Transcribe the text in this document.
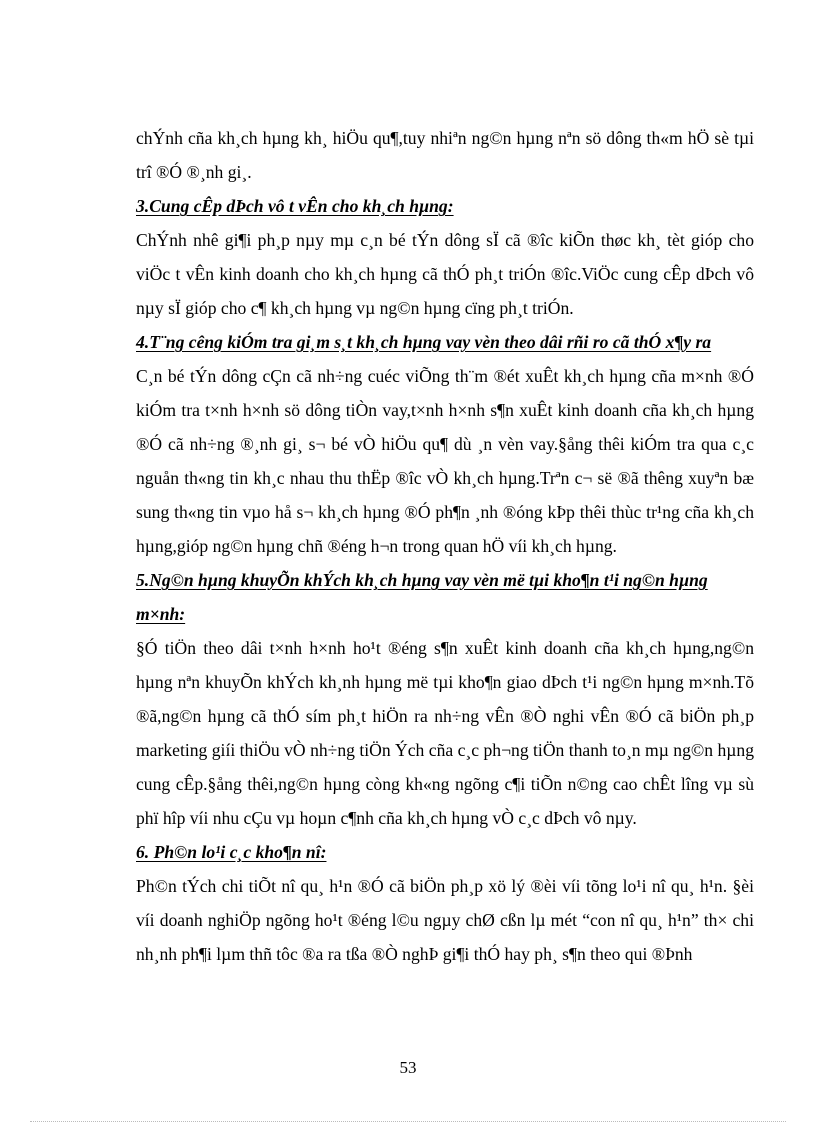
chÝnh cña kh¸ch hµng kh¸ hiÖu qu¶,tuy nhiªn ng©n hµng nªn sö dông th«m hÖ sè tµi trî ®Ó ®¸nh gi¸.

3.Cung cÊp dÞch vô t vÊn cho kh¸ch hµng:

ChÝnh nhê gi¶i ph¸p nµy mµ c¸n bé tÝn dông sÏ cã ®îc kiÕn thøc kh¸ tèt gióp cho viÖc t vÊn kinh doanh cho kh¸ch hµng cã thÓ ph¸t triÓn ®îc.ViÖc cung cÊp dÞch vô nµy sÏ gióp cho c¶ kh¸ch hµng vµ ng©n hµng cïng ph¸t triÓn.

4.T¨ng cêng kiÓm tra gi¸m s¸t kh¸ch hµng vay vèn theo dâi rñi ro cã thÓ x¶y ra

C¸n bé tÝn dông cÇn cã nh÷ng cuéc viÕng th¨m ®ét xuÊt kh¸ch hµng cña m×nh ®Ó kiÓm tra t×nh h×nh sö dông tiÒn vay,t×nh h×nh s¶n xuÊt kinh doanh cña kh¸ch hµng ®Ó cã nh÷ng ®¸nh gi¸ s¬ bé vÒ hiÖu qu¶ dù ¸n vèn vay.§ång thêi kiÓm tra qua c¸c nguån th«ng tin kh¸c nhau thu thËp ®îc vÒ kh¸ch hµng.Trªn c¬ së ®ã thêng xuyªn bæ sung th«ng tin vµo hå s¬ kh¸ch hµng ®Ó ph¶n ¸nh ®óng kÞp thêi thùc tr¹ng cña kh¸ch hµng,gióp ng©n hµng chñ ®éng h¬n trong quan hÖ víi kh¸ch hµng.

5.Ng©n hµng khuyÕn khÝch kh¸ch hµng vay vèn më tµi kho¶n t¹i ng©n hµng m×nh:

§Ó tiÖn theo dâi t×nh h×nh ho¹t ®éng s¶n xuÊt kinh doanh cña kh¸ch hµng,ng©n hµng nªn khuyÕn khÝch kh¸nh hµng më tµi kho¶n giao dÞch t¹i ng©n hµng m×nh.Tõ ®ã,ng©n hµng cã thÓ sím ph¸t hiÖn ra nh÷ng vÊn ®Ò nghi vÊn ®Ó cã biÖn ph¸p marketing giíi thiÖu vÒ nh÷ng tiÖn Ých cña c¸c ph¬ng tiÖn thanh to¸n mµ ng©n hµng cung cÊp.§ång thêi,ng©n hµng còng kh«ng ngõng c¶i tiÕn n©ng cao chÊt lîng vµ sù phï hîp víi nhu cÇu vµ hoµn c¶nh cña kh¸ch hµng vÒ c¸c dÞch vô nµy.

6. Ph©n lo¹i c¸c kho¶n nî:

Ph©n tÝch chi tiÕt nî qu¸ h¹n ®Ó cã biÖn ph¸p xö lý ®èi víi tõng lo¹i nî qu¸ h¹n. §èi víi doanh nghiÖp ngõng ho¹t ®éng l©u ngµy chØ cßn lµ mét “con nî qu¸ h¹n” th× chi nh¸nh ph¶i lµm thñ tôc ®a ra tßa ®Ò nghÞ gi¶i thÓ hay ph¸ s¶n theo qui ®Þnh

53
